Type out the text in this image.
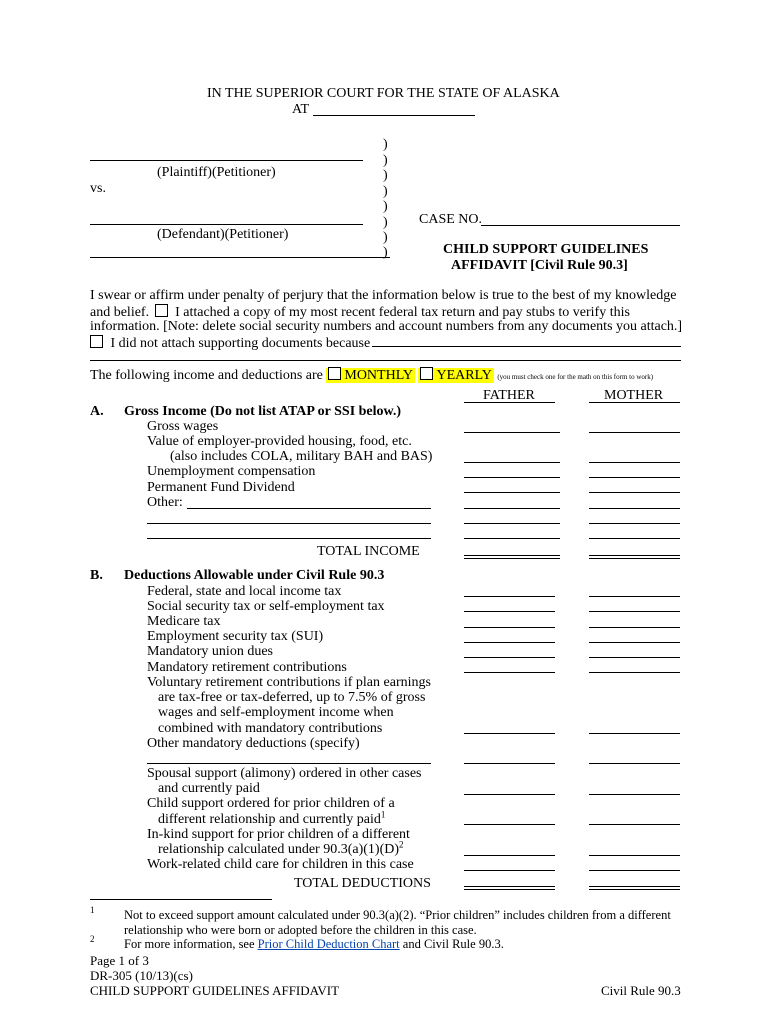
IN THE SUPERIOR COURT FOR THE STATE OF ALASKA
AT
(Plaintiff)(Petitioner)
vs.
(Defendant)(Petitioner)
)
)
)
)
)
)
)
)
CASE NO.
CHILD SUPPORT GUIDELINES
AFFIDAVIT [Civil Rule 90.3]
I swear or affirm under penalty of perjury that the information below is true to the best of my knowledge
and belief. I attached a copy of my most recent federal tax return and pay stubs to verify this
information. [Note: delete social security numbers and account numbers from any documents you attach.]
I did not attach supporting documents because
The following income and deductions are MONTHLY YEARLY (you must check one for the math on this form to work)
FATHER	MOTHER
A. Gross Income (Do not list ATAP or SSI below.)
Gross wages
Value of employer-provided housing, food, etc.
(also includes COLA, military BAH and BAS)
Unemployment compensation
Permanent Fund Dividend
Other:
TOTAL INCOME
B. Deductions Allowable under Civil Rule 90.3
Federal, state and local income tax
Social security tax or self-employment tax
Medicare tax
Employment security tax (SUI)
Mandatory union dues
Mandatory retirement contributions
Voluntary retirement contributions if plan earnings
are tax-free or tax-deferred, up to 7.5% of gross
wages and self-employment income when
combined with mandatory contributions
Other mandatory deductions (specify)
Spousal support (alimony) ordered in other cases
and currently paid
Child support ordered for prior children of a
different relationship and currently paid$^1$
In-kind support for prior children of a different
relationship calculated under $90.3(a)(1)(D)^2$
Work-related child care for children in this case
TOTAL DEDUCTIONS
1 Not to exceed support amount calculated under 90.3(a)(2). “Prior children” includes children from a different
relationship who were born or adopted before the children in this case.
2 For more information, see Prior Child Deduction Chart and Civil Rule 90.3.
Page 1 of 3
DR-305 (10/13)(cs)
CHILD SUPPORT GUIDELINES AFFIDAVIT	Civil Rule 90.3
